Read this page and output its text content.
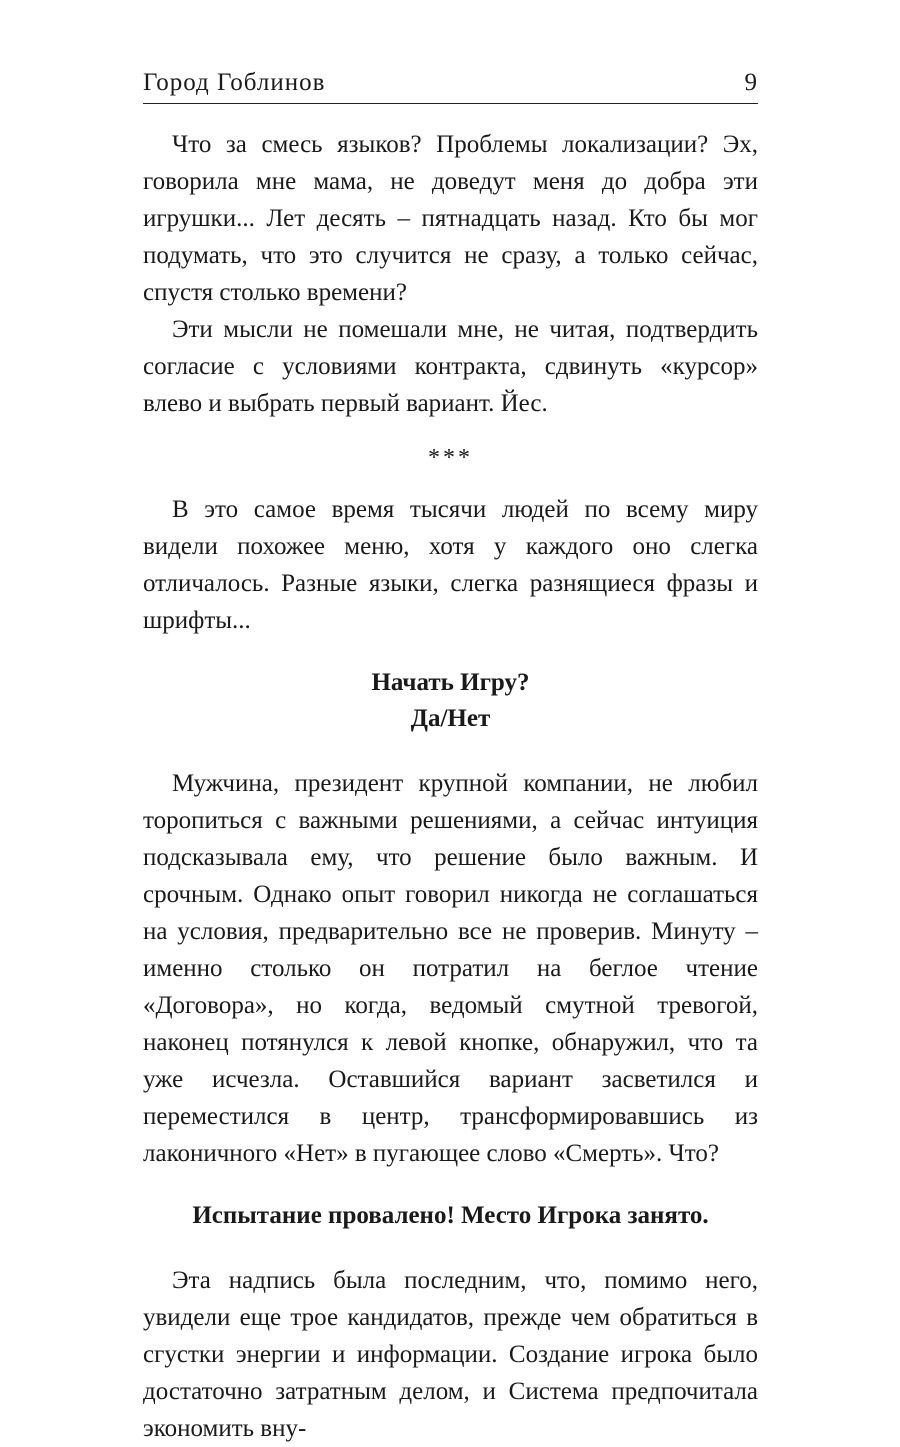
Город Гоблинов	9

Что за смесь языков? Проблемы локализации? Эх, говорила мне мама, не доведут меня до добра эти игрушки... Лет десять – пятнадцать назад. Кто бы мог подумать, что это случится не сразу, а только сейчас, спустя столько времени?

Эти мысли не помешали мне, не читая, подтвердить согласие с условиями контракта, сдвинуть «курсор» влево и выбрать первый вариант. Йес.

***

В это самое время тысячи людей по всему миру видели похожее меню, хотя у каждого оно слегка отличалось. Разные языки, слегка разнящиеся фразы и шрифты...

Начать Игру?
Да/Нет

Мужчина, президент крупной компании, не любил торопиться с важными решениями, а сейчас интуиция подсказывала ему, что решение было важным. И срочным. Однако опыт говорил никогда не соглашаться на условия, предварительно все не проверив. Минуту – именно столько он потратил на беглое чтение «Договора», но когда, ведомый смутной тревогой, наконец потянулся к левой кнопке, обнаружил, что та уже исчезла. Оставшийся вариант засветился и переместился в центр, трансформировавшись из лаконичного «Нет» в пугающее слово «Смерть». Что?

Испытание провалено! Место Игрока занято.

Эта надпись была последним, что, помимо него, увидели еще трое кандидатов, прежде чем обратиться в сгустки энергии и информации. Создание игрока было достаточно затратным делом, и Система предпочитала экономить вну-
